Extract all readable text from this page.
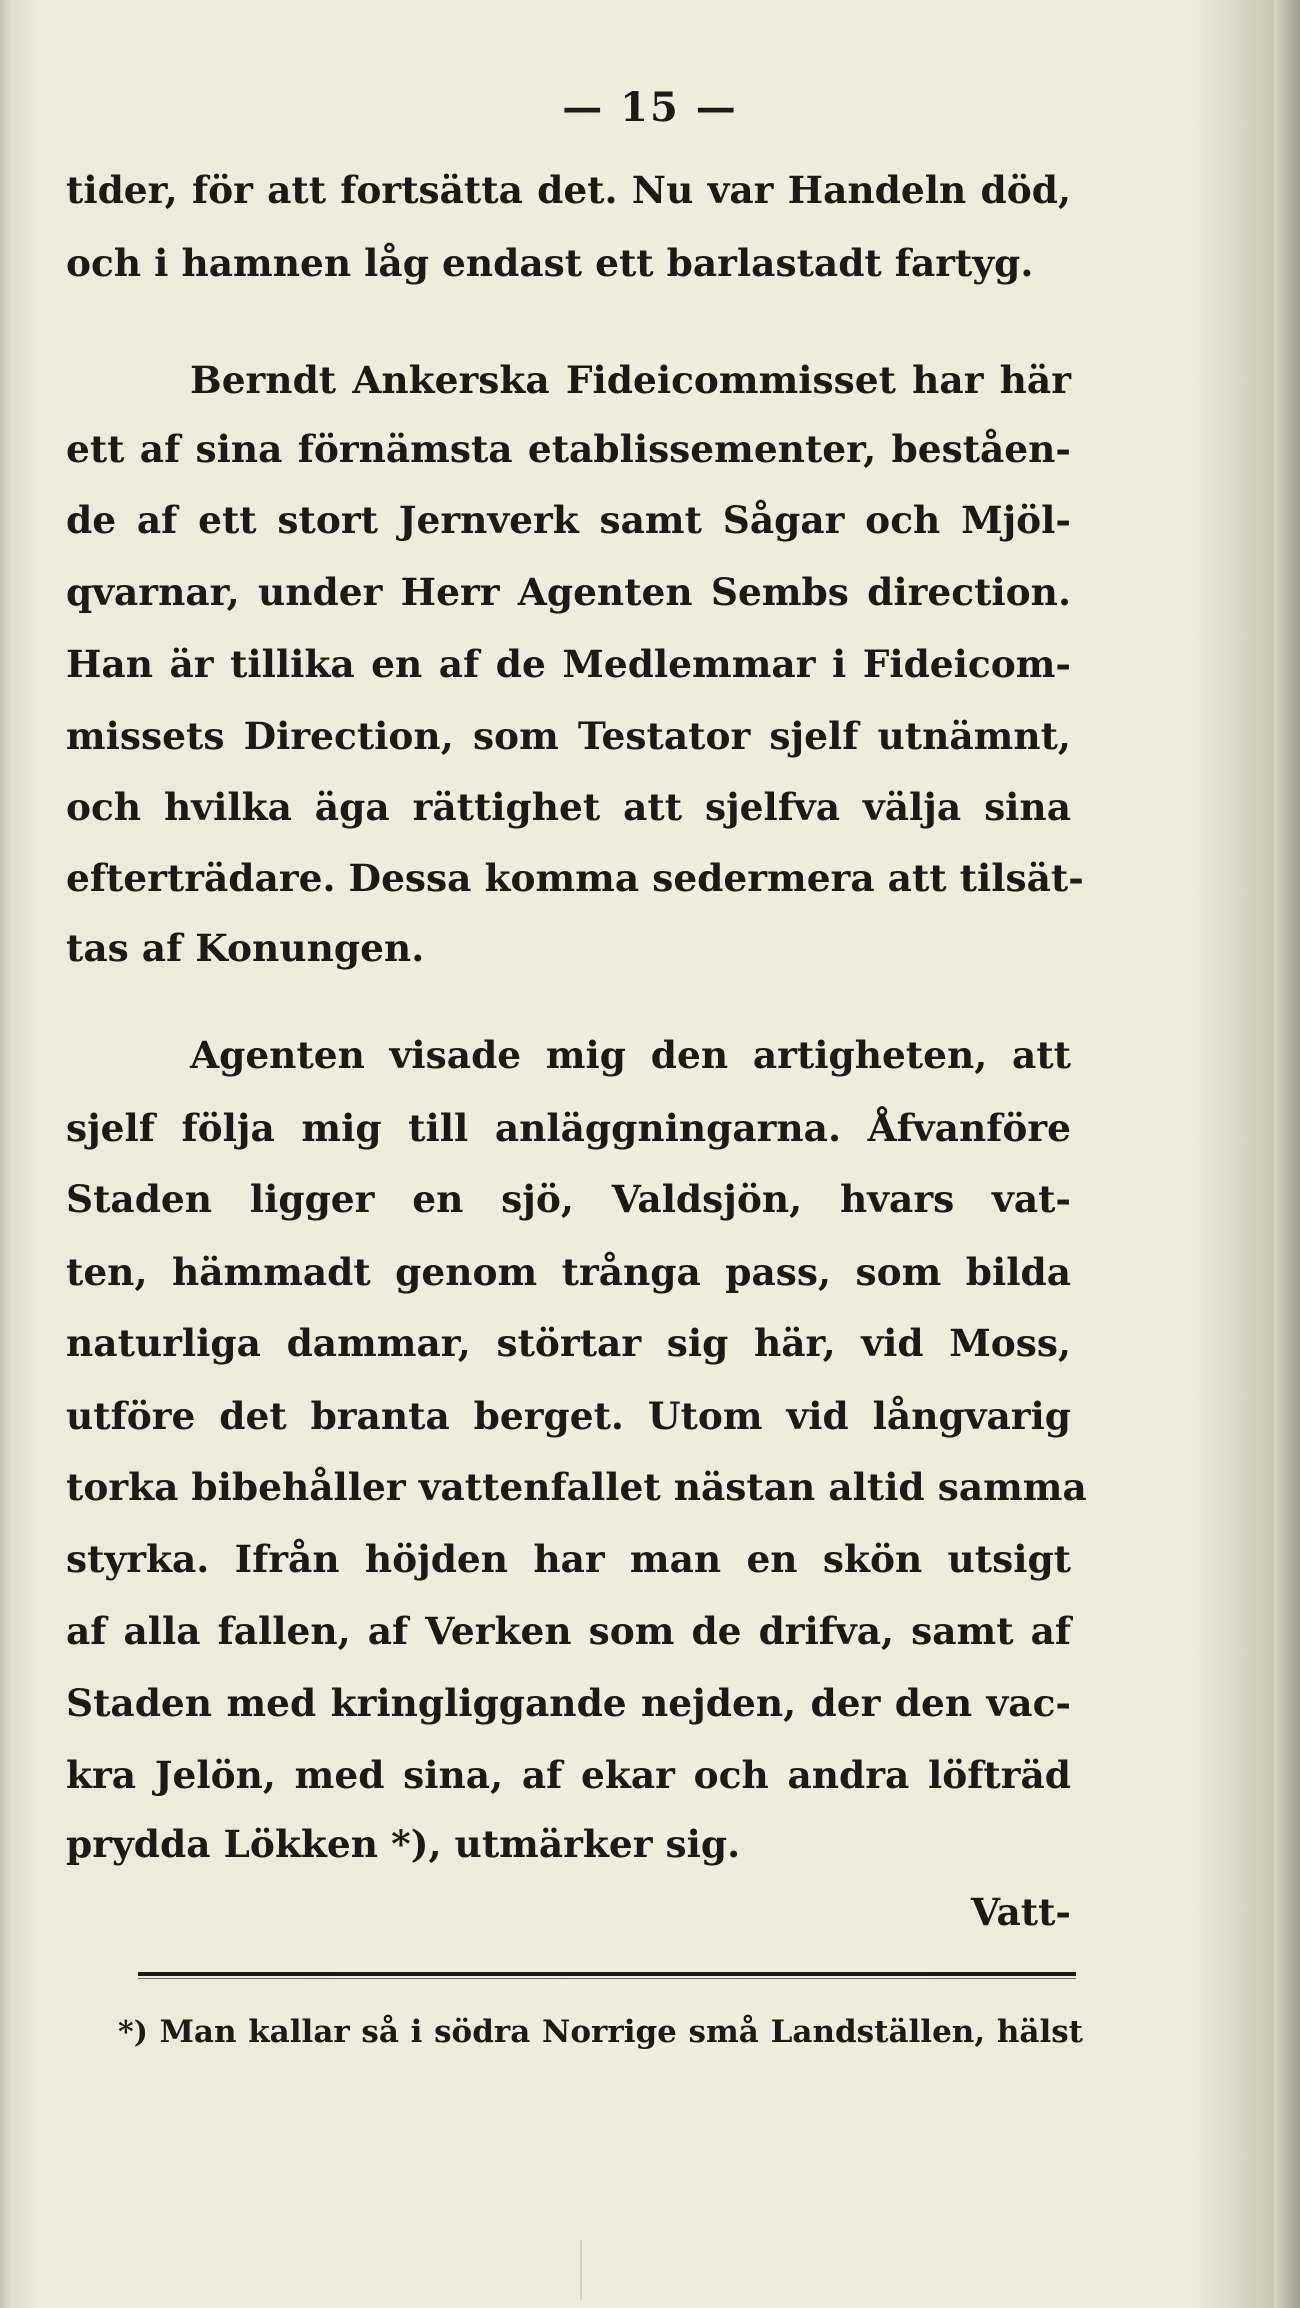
— 15 —
tider, för att fortsätta det. Nu var Handeln död,
och i hamnen låg endast ett barlastadt fartyg.
Berndt Ankerska Fideicommisset har här
ett af sina förnämsta etablissementer, beståen-
de af ett stort Jernverk samt Sågar och Mjöl-
qvarnar, under Herr Agenten Sembs direction.
Han är tillika en af de Medlemmar i Fideicom-
missets Direction, som Testator sjelf utnämnt,
och hvilka äga rättighet att sjelfva välja sina
efterträdare. Dessa komma sedermera att tilsät-
tas af Konungen.
Agenten visade mig den artigheten, att
sjelf följa mig till anläggningarna. Åfvanföre
Staden ligger en sjö, Valdsjön, hvars vat-
ten, hämmadt genom trånga pass, som bilda
naturliga dammar, störtar sig här, vid Moss,
utföre det branta berget. Utom vid långvarig
torka bibehåller vattenfallet nästan altid samma
styrka. Ifrån höjden har man en skön utsigt
af alla fallen, af Verken som de drifva, samt af
Staden med kringliggande nejden, der den vac-
kra Jelön, med sina, af ekar och andra löfträd
prydda Lökken *), utmärker sig.
Vatt-
*) Man kallar så i södra Norrige små Landställen, hälst
